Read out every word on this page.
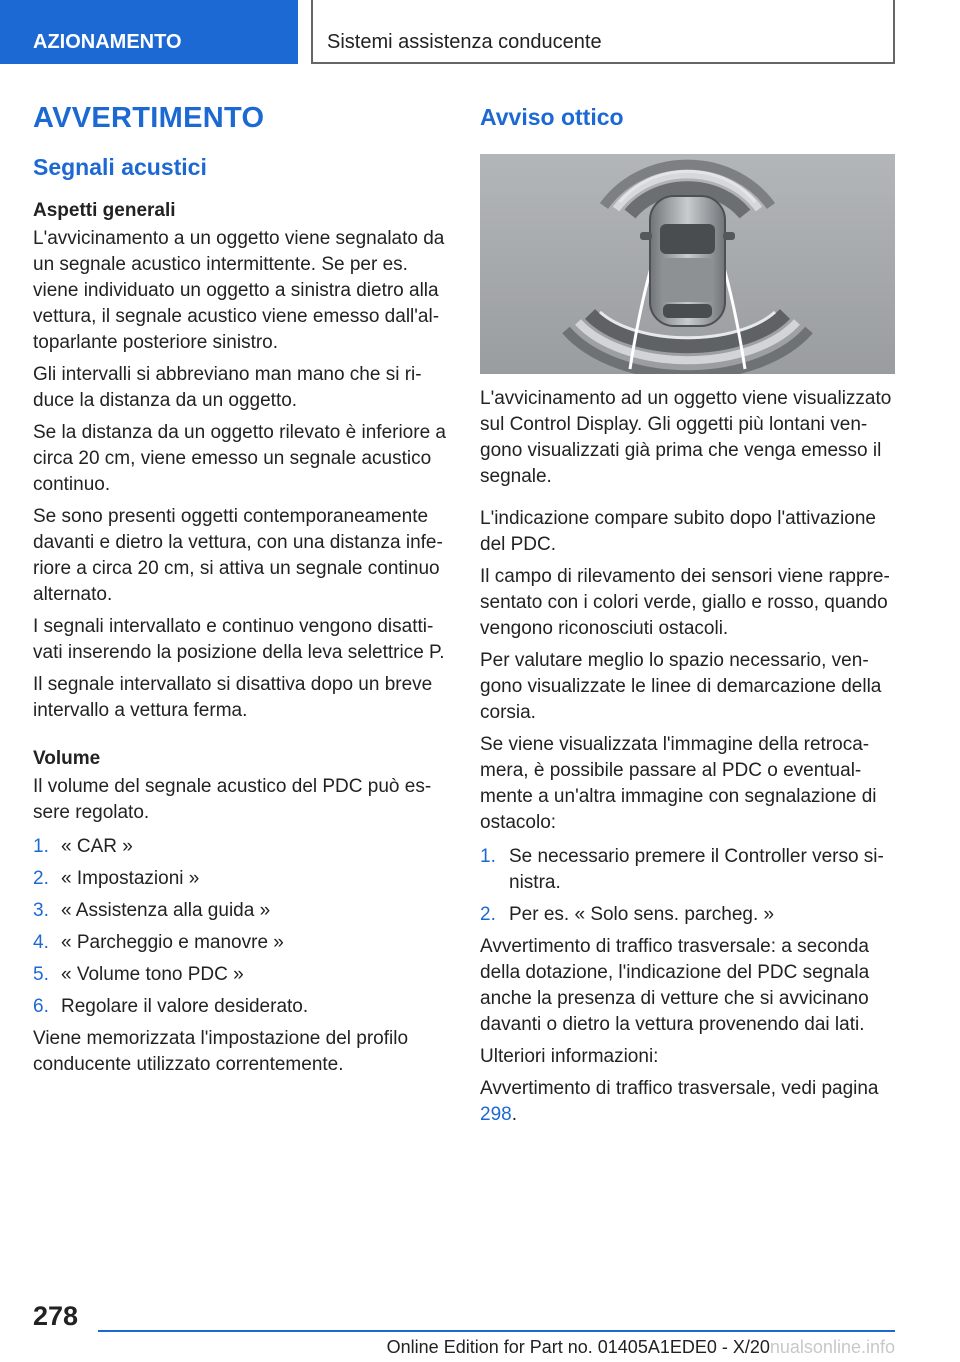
AZIONAMENTO	Sistemi assistenza conducente
AVVERTIMENTO
Segnali acustici
Aspetti generali
L'avvicinamento a un oggetto viene segnalato da un segnale acustico intermittente. Se per es. viene individuato un oggetto a sinistra dietro alla vettura, il segnale acustico viene emesso dall'altoparlante posteriore sinistro.
Gli intervalli si abbreviano man mano che si riduce la distanza da un oggetto.
Se la distanza da un oggetto rilevato è inferiore a circa 20 cm, viene emesso un segnale acustico continuo.
Se sono presenti oggetti contemporaneamente davanti e dietro la vettura, con una distanza inferiore a circa 20 cm, si attiva un segnale continuo alternato.
I segnali intervallato e continuo vengono disattivati inserendo la posizione della leva selettrice P.
Il segnale intervallato si disattiva dopo un breve intervallo a vettura ferma.
Volume
Il volume del segnale acustico del PDC può essere regolato.
1. « CAR »
2. « Impostazioni »
3. « Assistenza alla guida »
4. « Parcheggio e manovre »
5. « Volume tono PDC »
6. Regolare il valore desiderato.
Viene memorizzata l'impostazione del profilo conducente utilizzato correntemente.
Avviso ottico
L'avvicinamento ad un oggetto viene visualizzato sul Control Display. Gli oggetti più lontani vengono visualizzati già prima che venga emesso il segnale.
L'indicazione compare subito dopo l'attivazione del PDC.
Il campo di rilevamento dei sensori viene rappresentato con i colori verde, giallo e rosso, quando vengono riconosciuti ostacoli.
Per valutare meglio lo spazio necessario, vengono visualizzate le linee di demarcazione della corsia.
Se viene visualizzata l'immagine della retrocamera, è possibile passare al PDC o eventualmente a un'altra immagine con segnalazione di ostacolo:
1. Se necessario premere il Controller verso sinistra.
2. Per es. « Solo sens. parcheg. »
Avvertimento di traffico trasversale: a seconda della dotazione, l'indicazione del PDC segnala anche la presenza di vetture che si avvicinano davanti o dietro la vettura provenendo dai lati.
Ulteriori informazioni:
Avvertimento di traffico trasversale, vedi pagina 298.
278
Online Edition for Part no. 01405A1EDE0 - X/20nualsonline.info
